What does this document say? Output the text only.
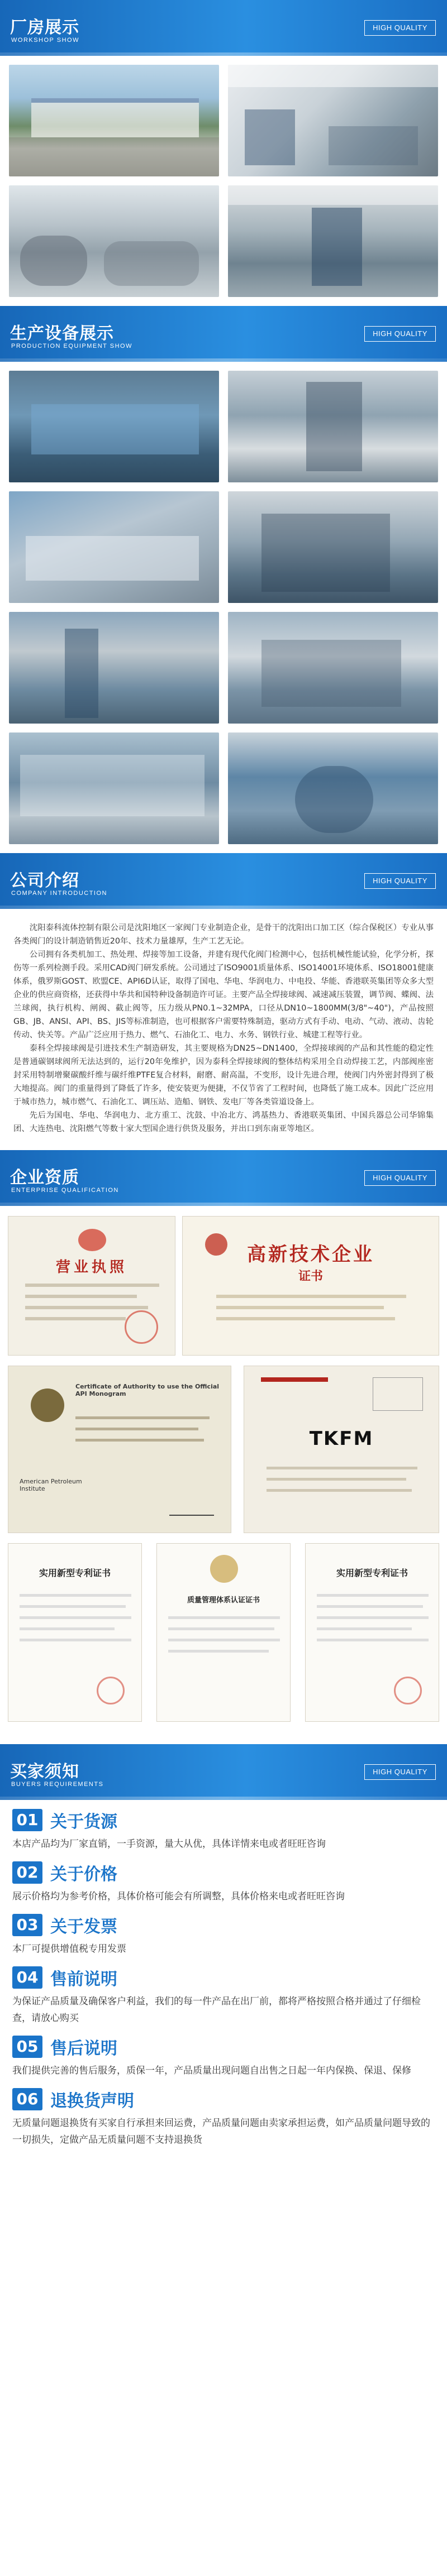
厂房展示
WORKSHOP SHOW
HIGH QUALITY
生产设备展示
PRODUCTION EQUIPMENT SHOW
HIGH QUALITY
公司介绍
COMPANY INTRODUCTION
HIGH QUALITY

沈阳泰科流体控制有限公司是沈阳地区一家阀门专业制造企业，是骨干的沈阳出口加工区（综合保税区）专业从事各类阀门的设计制造销售近20年、技术力量雄厚，生产工艺无论。

公司拥有各类机加工、热处理、焊接等加工设备，并建有现代化阀门检测中心，包括机械性能试验，化学分析，探伤等一系列检测手段。采用CAD阀门研发系统。公司通过了ISO9001质量体系、ISO14001环境体系、ISO18001健康体系，俄罗斯GOST、欧盟CE、API6D认证，取得了国电、华电、华润电力、中电投、华能、香港联英集团等众多大型企业的供应商资格，还获得中华共和国特种设备制造许可证。主要产品全焊接球阀、减速减压装置，调节阀、蝶阀、法兰球阀，执行机构、闸阀、截止阀等，压力级从PN0.1~32MPA，口径从DN10~1800MM(3/8"~40")，产品按照GB、JB、ANSI、API、BS、JIS等标准制造，也可根据客户需要特殊制造，驱动方式有手动、电动、气动、液动、齿轮传动、快关等。产品广泛应用于热力、燃气、石油化工、电力、水务、钢铁行业、城建工程等行业。

泰科全焊接球阀是引进技术生产制造研发，其主要规格为DN25~DN1400，全焊接球阀的产品和其性能的稳定性是普通碳钢球阀所无法达到的，运行20年免维护，因为泰科全焊接球阀的整体结构采用全自动焊接工艺，内部阀座密封采用特制增聚碳酸纤维与碳纤维PTFE复合材料，耐磨、耐高温，不变形，设计先进合理，使阀门内外密封得到了极大地提高。阀门的重量得到了降低了许多，使安装更为便捷，不仅节省了工程时间，也降低了施工成本。因此广泛应用于城市热力，城市燃气、石油化工、调压站、造船、钢铁、发电厂等各类管道设备上。

先后为国电、华电、华润电力、北方重工、沈鼓、中冶北方、鸿基热力、香港联英集团、中国兵器总公司华锦集团、大连热电、沈阳燃气等数十家大型国企进行供货及服务，并出口到东南亚等地区。

企业资质
ENTERPRISE QUALIFICATION
HIGH QUALITY
营业执照
高新技术企业
证书
Certificate of Authority to use the Official API Monogram
American Petroleum Institute
TKFM
实用新型专利证书
质量管理体系认证证书
实用新型专利证书
买家须知
BUYERS REQUIREMENTS
HIGH QUALITY
01 关于货源
本店产品均为厂家直销，一手资源，量大从优，具体详情来电或者旺旺咨询
02 关于价格
展示价格均为参考价格，具体价格可能会有所调整，具体价格来电或者旺旺咨询
03 关于发票
本厂可提供增值税专用发票
04 售前说明
为保证产品质量及确保客户利益，我们的每一件产品在出厂前，都将严格按照合格并通过了仔细检查，请放心购买
05 售后说明
我们提供完善的售后服务，质保一年，产品质量出现问题自出售之日起一年内保换、保退、保修
06 退换货声明
无质量问题退换货有买家自行承担来回运费，产品质量问题由卖家承担运费，如产品质量问题导致的一切损失，定做产品无质量问题不支持退换货
